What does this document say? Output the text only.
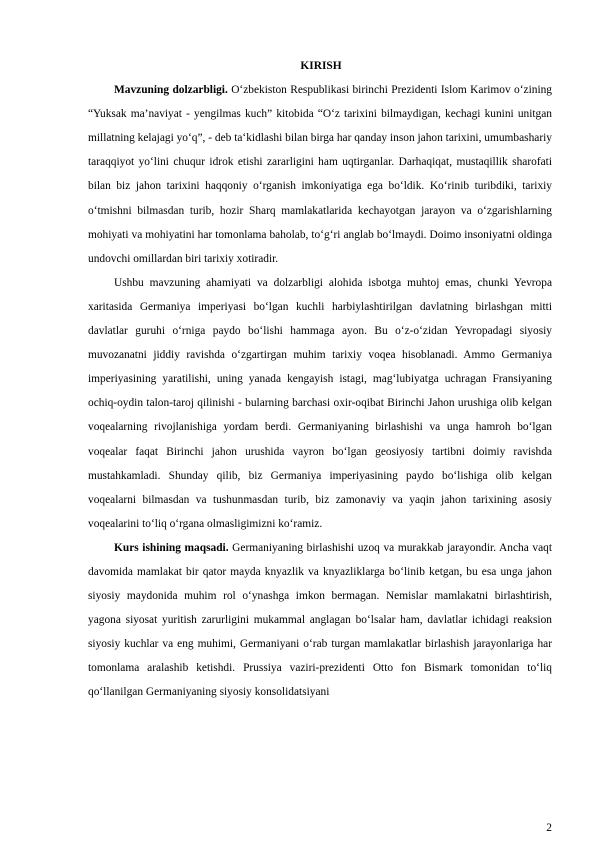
KIRISH

Mavzuning dolzarbligi. O‘zbekiston Respublikasi birinchi Prezidenti Islom Karimov o‘zining “Yuksak ma’naviyat - yengilmas kuch” kitobida “O‘z tarixini bilmaydigan, kechagi kunini unitgan millatning kelajagi yo‘q”, - deb ta‘kidlashi bilan birga har qanday inson jahon tarixini, umumbashariy taraqqiyot yo‘lini chuqur idrok etishi zararligini ham uqtirganlar. Darhaqiqat, mustaqillik sharofati bilan biz jahon tarixini haqqoniy o‘rganish imkoniyatiga ega bo‘ldik. Ko‘rinib turibdiki, tarixiy o‘tmishni bilmasdan turib, hozir Sharq mamlakatlarida kechayotgan jarayon va o‘zgarishlarning mohiyati va mohiyatini har tomonlama baholab, to‘g‘ri anglab bo‘lmaydi. Doimo insoniyatni oldinga undovchi omillardan biri tarixiy xotiradir.

Ushbu mavzuning ahamiyati va dolzarbligi alohida isbotga muhtoj emas, chunki Yevropa xaritasida Germaniya imperiyasi bo‘lgan kuchli harbiylashtirilgan davlatning birlashgan mitti davlatlar guruhi o‘rniga paydo bo‘lishi hammaga ayon. Bu o‘z-o‘zidan Yevropadagi siyosiy muvozanatni jiddiy ravishda o‘zgartirgan muhim tarixiy voqea hisoblanadi. Ammo Germaniya imperiyasining yaratilishi, uning yanada kengayish istagi, mag‘lubiyatga uchragan Fransiyaning ochiq-oydin talon-taroj qilinishi - bularning barchasi oxir-oqibat Birinchi Jahon urushiga olib kelgan voqealarning rivojlanishiga yordam berdi. Germaniyaning birlashishi va unga hamroh bo‘lgan voqealar faqat Birinchi jahon urushida vayron bo‘lgan geosiyosiy tartibni doimiy ravishda mustahkamladi. Shunday qilib, biz Germaniya imperiyasining paydo bo‘lishiga olib kelgan voqealarni bilmasdan va tushunmasdan turib, biz zamonaviy va yaqin jahon tarixining asosiy voqealarini to‘liq o‘rgana olmasligimizni ko‘ramiz.

Kurs ishining maqsadi. Germaniyaning birlashishi uzoq va murakkab jarayondir. Ancha vaqt davomida mamlakat bir qator mayda knyazlik va knyazliklarga bo‘linib ketgan, bu esa unga jahon siyosiy maydonida muhim rol o‘ynashga imkon bermagan. Nemislar mamlakatni birlashtirish, yagona siyosat yuritish zarurligini mukammal anglagan bo‘lsalar ham, davlatlar ichidagi reaksion siyosiy kuchlar va eng muhimi, Germaniyani o‘rab turgan mamlakatlar birlashish jarayonlariga har tomonlama aralashib ketishdi. Prussiya vaziri-prezidenti Otto fon Bismark tomonidan to‘liq qo‘llanilgan Germaniyaning siyosiy konsolidatsiyani

2
